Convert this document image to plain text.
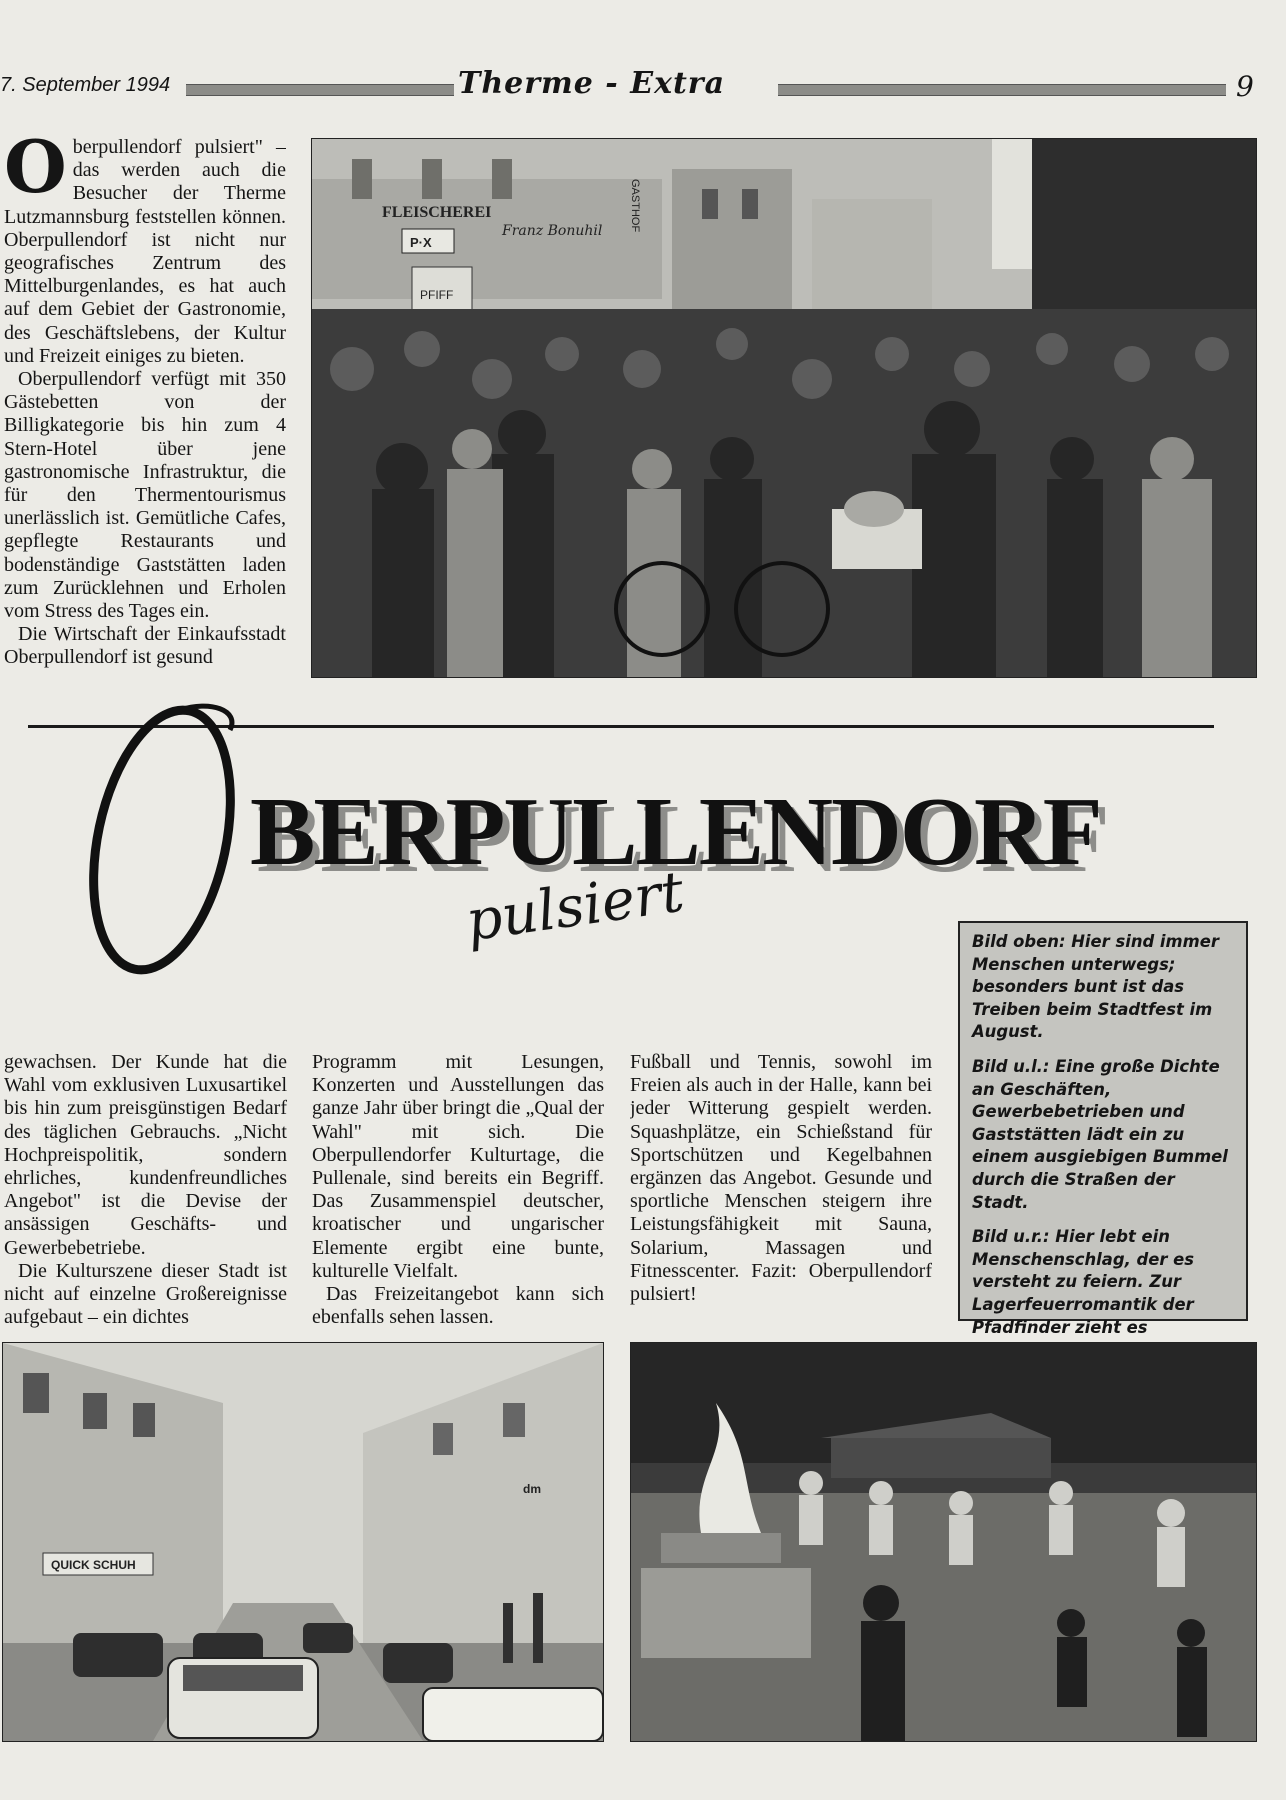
7. September 1994	Therme - Extra	9

Oberpullendorf pulsiert" – das werden auch die Besucher der Therme Lutzmannsburg feststellen können. Oberpullendorf ist nicht nur geografisches Zentrum des Mittelburgenlandes, es hat auch auf dem Gebiet der Gastronomie, des Geschäftslebens, der Kultur und Freizeit einiges zu bieten.

Oberpullendorf verfügt mit 350 Gästebetten von der Billigkategorie bis hin zum 4 Stern-Hotel über jene gastronomische Infrastruktur, die für den Thermentourismus unerlässlich ist. Gemütliche Cafes, gepflegte Restaurants und bodenständige Gaststätten laden zum Zurücklehnen und Erholen vom Stress des Tages ein.

Die Wirtschaft der Einkaufsstadt Oberpullendorf ist gesund

FLEISCHEREI
Franz Bonuhil GASTHOF
P·X
PFIFF
BERPULLENDORF
pulsiert	Bild oben: Hier sind immer Menschen unterwegs; besonders bunt ist das Treiben beim Stadtfest im August.

Bild u.l.: Eine große Dichte an Geschäften, Gewerbebetrieben und Gaststätten lädt ein zu einem ausgiebigen Bummel durch die Straßen der Stadt.

Bild u.r.: Hier lebt ein Menschenschlag, der es versteht zu feiern. Zur Lagerfeuerromantik der Pfadfinder zieht es

gewachsen. Der Kunde hat die Wahl vom exklusiven Luxusartikel bis hin zum preisgünstigen Bedarf des täglichen Gebrauchs. „Nicht Hochpreispolitik, sondern ehrliches, kundenfreundliches Angebot" ist die Devise der ansässigen Geschäfts- und Gewerbebetriebe.

Die Kulturszene dieser Stadt ist nicht auf einzelne Großereignisse aufgebaut – ein dichtes

Programm mit Lesungen, Konzerten und Ausstellungen das ganze Jahr über bringt die „Qual der Wahl" mit sich. Die Oberpullendorfer Kulturtage, die Pullenale, sind bereits ein Begriff. Das Zusammenspiel deutscher, kroatischer und ungarischer Elemente ergibt eine bunte, kulturelle Vielfalt.

Das Freizeitangebot kann sich ebenfalls sehen lassen.

Fußball und Tennis, sowohl im Freien als auch in der Halle, kann bei jeder Witterung gespielt werden. Squashplätze, ein Schießstand für Sportschützen und Kegelbahnen ergänzen das Angebot. Gesunde und sportliche Menschen steigern ihre Leistungsfähigkeit mit Sauna, Solarium, Massagen und Fitnesscenter. Fazit: Oberpullendorf pulsiert!

QUICK SCHUH
dm
